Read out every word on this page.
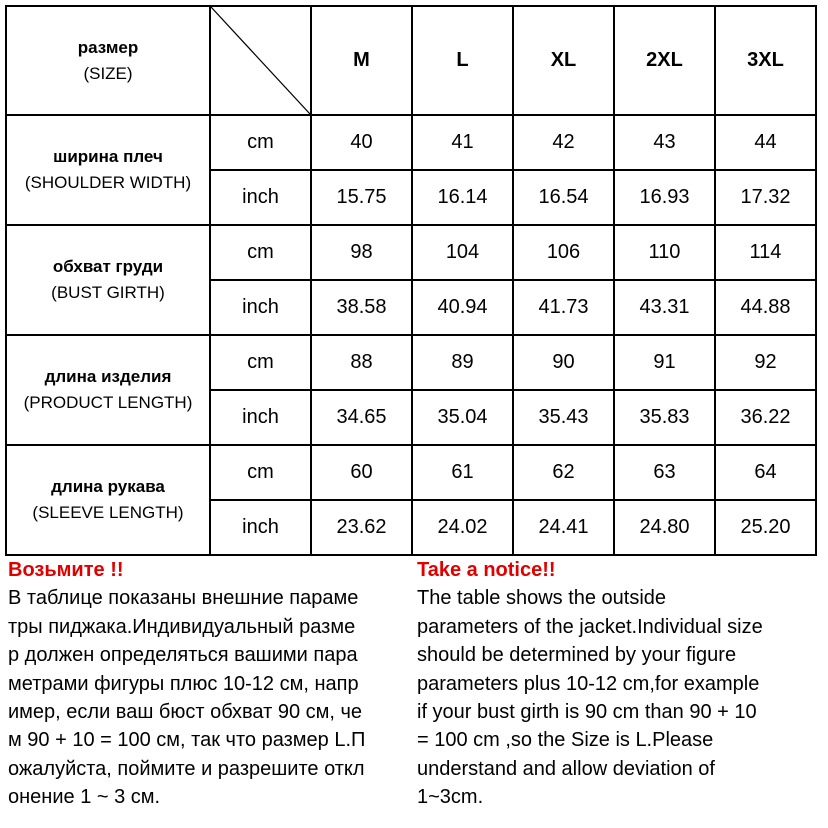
размер
(SIZE)		M	L	XL	2XL	3XL

ширина плеч
(SHOULDER WIDTH)	cm	40	41	42	43	44
	inch	15.75	16.14	16.54	16.93	17.32

обхват груди
(BUST GIRTH)	cm	98	104	106	110	114
	inch	38.58	40.94	41.73	43.31	44.88

длина изделия
(PRODUCT LENGTH)	cm	88	89	90	91	92
	inch	34.65	35.04	35.43	35.83	36.22

длина рукава
(SLEEVE LENGTH)	cm	60	61	62	63	64
	inch	23.62	24.02	24.41	24.80	25.20
Возьмите !!
В таблице показаны внешние параме
тры пиджака.Индивидуальный разме
р должен определяться вашими пара
метрами фигуры плюс 10-12 см, напр
имер, если ваш бюст обхват 90 см, че
м 90 + 10 = 100 см, так что размер L.П
ожалуйста, поймите и разрешите откл
онение 1 ~ 3 см.
Take a notice!!
The table shows the outside
parameters of the jacket.Individual size
should be determined by your figure
parameters plus 10-12 cm,for example
if your bust girth is 90 cm than 90 + 10
= 100 cm ,so the Size is L.Please
understand and allow deviation of
1~3cm.
